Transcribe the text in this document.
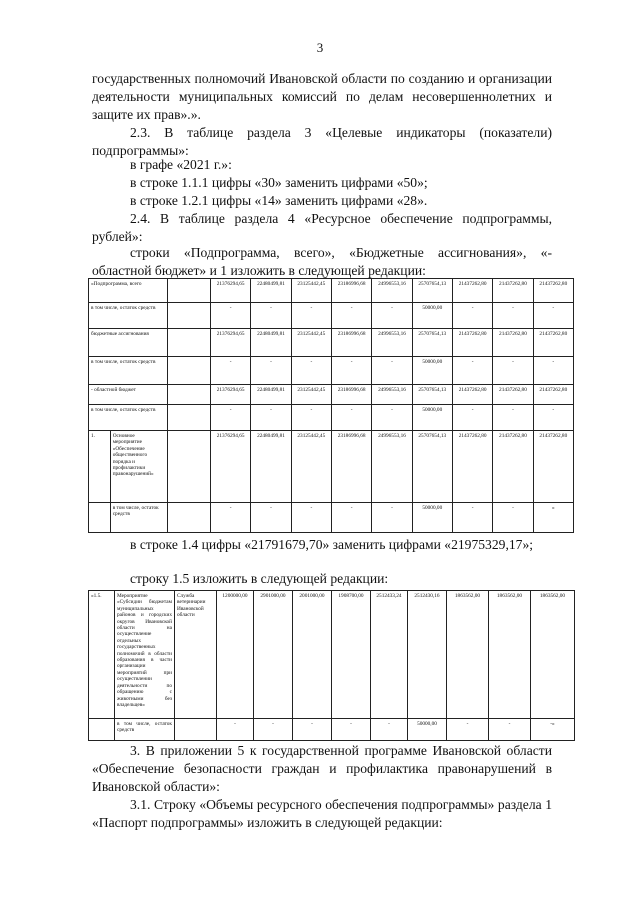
3
государственных полномочий Ивановской области по созданию и организации деятельности муниципальных комиссий по делам несовершеннолетних и защите их прав».».
2.3. В таблице раздела 3 «Целевые индикаторы (показатели) подпрограммы»:
в графе «2021 г.»:
в строке 1.1.1 цифры «30» заменить цифрами «50»;
в строке 1.2.1 цифры «14» заменить цифрами «28».
2.4. В таблице раздела 4 «Ресурсное обеспечение подпрограммы, рублей»:
строки «Подпрограмма, всего», «Бюджетные ассигнования», «- областной бюджет» и 1 изложить в следующей редакции:
«Подпрограмма, всего			21376294,65	22480499,81	23125442,45	23186996,68	24996553,16	25707654,13	21437262,80	21437262,80	21437262,80
в том числе, остаток средств			-	-	-	-	-	50000,00	-	-	-
бюджетные ассигнования			21376294,65	22480499,81	23125442,45	23186996,68	24996553,16	25707654,13	21437262,80	21437262,80	21437262,80
в том числе, остаток средств			-	-	-	-	-	50000,00	-	-	-
- областной бюджет			21376294,65	22480499,81	23125442,45	23186996,68	24996553,16	25707654,13	21437262,80	21437262,80	21437262,80
в том числе, остаток средств			-	-	-	-	-	50000,00	-	-	-
1.	Основное мероприятие «Обеспечение общественного порядка и профилактики правонарушений»		21376294,65	22480499,81	23125442,45	23186996,68	24996553,16	25707654,13	21437262,80	21437262,80	21437262,80
	в том числе, остаток средств		-	-	-	-	-	50000,00	-	-	»
в строке 1.4 цифры «21791679,70» заменить цифрами «21975329,17»;
строку 1.5 изложить в следующей редакции:
«1.5.	Мероприятие «Субсидии бюджетам муниципальных районов и городских округов Ивановской области на осуществление отдельных государственных полномочий в области образования в части организации мероприятий при осуществлении деятельности по обращению с животными без владельцев»	Служба ветеринарии Ивановской области	1200000,00	2901000,00	2001000,00	1908700,00	2512433,24	2512430,16	1863562,00	1863562,00	1863562,00
	в том числе, остаток средств		-	-	-	-	-	50000,00	-	-	-»
3. В приложении 5 к государственной программе Ивановской области «Обеспечение безопасности граждан и профилактика правонарушений в Ивановской области»:
3.1. Строку «Объемы ресурсного обеспечения подпрограммы» раздела 1 «Паспорт подпрограммы» изложить в следующей редакции:
